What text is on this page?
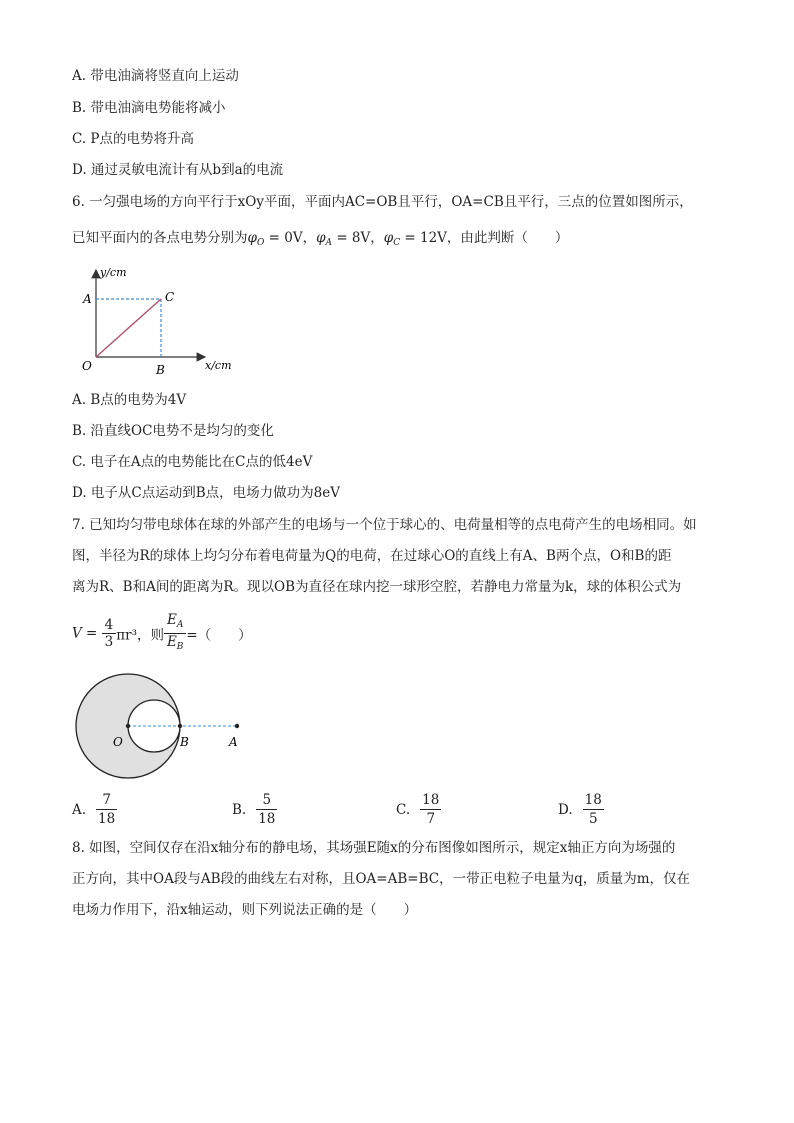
A. 带电油滴将竖直向上运动
B. 带电油滴电势能将减小
C. P点的电势将升高
D. 通过灵敏电流计有从b到a的电流
6. 一匀强电场的方向平行于xOy平面，平面内AC=OB且平行，OA=CB且平行，三点的位置如图所示，
已知平面内的各点电势分别为$\varphi_O = 0V$，$\varphi_A = 8V$，$\varphi_C = 12V$，由此判断（　　）
y/cm
x/cm
A	C
O	B
A. B点的电势为4V
B. 沿直线OC电势不是均匀的变化
C. 电子在A点的电势能比在C点的低4eV
D. 电子从C点运动到B点，电场力做功为8eV
7. 已知均匀带电球体在球的外部产生的电场与一个位于球心的、电荷量相等的点电荷产生的电场相同。如
图，半径为R的球体上均匀分布着电荷量为Q的电荷，在过球心O的直线上有A、B两个点，O和B的距
离为R、B和A间的距离为R。现以OB为直径在球内挖一球形空腔，若静电力常量为k，球的体积公式为
$V = \frac{4}{3} \pi r^3$，则 $\frac{E_A}{E_B}$ =（　　）
O	B	A
A. $\frac{7}{18}$	B. $\frac{5}{18}$	C. $\frac{18}{7}$	D. $\frac{18}{5}$
8. 如图，空间仅存在沿x轴分布的静电场，其场强E随x的分布图像如图所示，规定x轴正方向为场强的
正方向，其中OA段与AB段的曲线左右对称，且OA=AB=BC，一带正电粒子电量为q，质量为m，仅在
电场力作用下，沿x轴运动，则下列说法正确的是（　　）
